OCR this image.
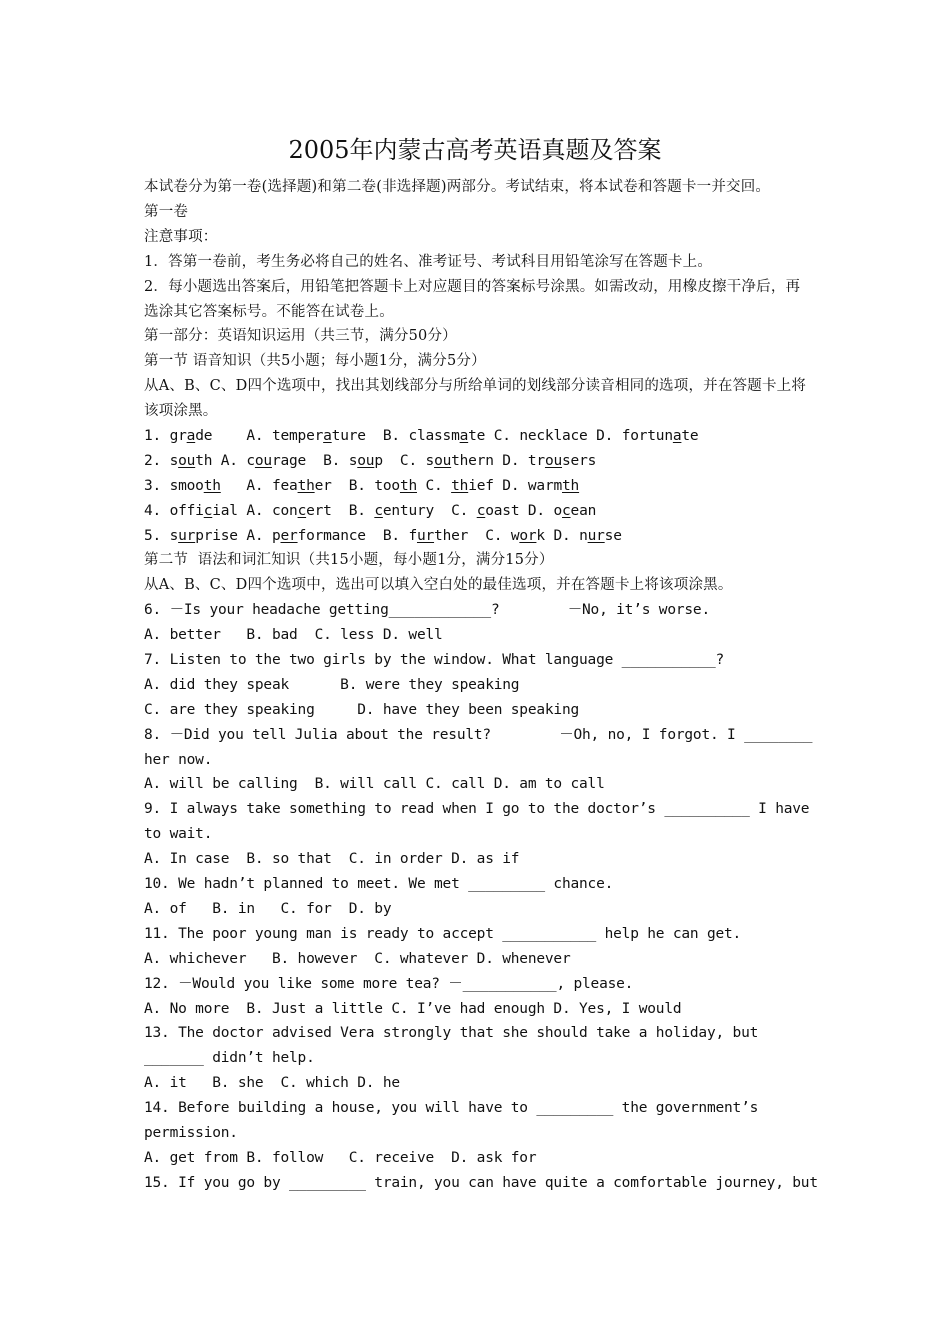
2005年内蒙古高考英语真题及答案
本试卷分为第一卷(选择题)和第二卷(非选择题)两部分。考试结束，将本试卷和答题卡一并交回。
第一卷
注意事项：
1．答第一卷前，考生务必将自己的姓名、准考证号、考试科目用铅笔涂写在答题卡上。
2．每小题选出答案后，用铅笔把答题卡上对应题目的答案标号涂黑。如需改动，用橡皮擦干净后，再选涂其它答案标号。不能答在试卷上。
第一部分：英语知识运用（共三节，满分50分）
第一节 语音知识（共5小题；每小题1分，满分5分）
从A、B、C、D四个选项中，找出其划线部分与所给单词的划线部分读音相同的选项，并在答题卡上将该项涂黑。
1. grade    A. temperature  B. classmate C. necklace D. fortunate
2. south A. courage  B. soup  C. southern D. trousers
3. smooth   A. feather  B. tooth C. thief D. warmth
4. official A. concert  B. century  C. coast D. ocean
5. surprise A. performance  B. further  C. work D. nurse
第二节  语法和词汇知识（共15小题，每小题1分，满分15分）
从A、B、C、D四个选项中，选出可以填入空白处的最佳选项，并在答题卡上将该项涂黑。
6. －Is your headache getting____________?        －No, it’s worse.
A. better   B. bad  C. less D. well
7. Listen to the two girls by the window. What language ___________?
A. did they speak      B. were they speaking
C. are they speaking     D. have they been speaking
8. －Did you tell Julia about the result?        －Oh, no, I forgot. I ________
her now.
A. will be calling  B. will call C. call D. am to call
9. I always take something to read when I go to the doctor’s __________ I have
to wait.
A. In case  B. so that  C. in order D. as if
10. We hadn’t planned to meet. We met _________ chance.
A. of   B. in   C. for  D. by
11. The poor young man is ready to accept ___________ help he can get.
A. whichever   B. however  C. whatever D. whenever
12. －Would you like some more tea? －___________, please.
A. No more  B. Just a little C. I’ve had enough D. Yes, I would
13. The doctor advised Vera strongly that she should take a holiday, but
_______ didn’t help.
A. it   B. she  C. which D. he
14. Before building a house, you will have to _________ the government’s
permission.
A. get from B. follow   C. receive  D. ask for
15. If you go by _________ train, you can have quite a comfortable journey, but
